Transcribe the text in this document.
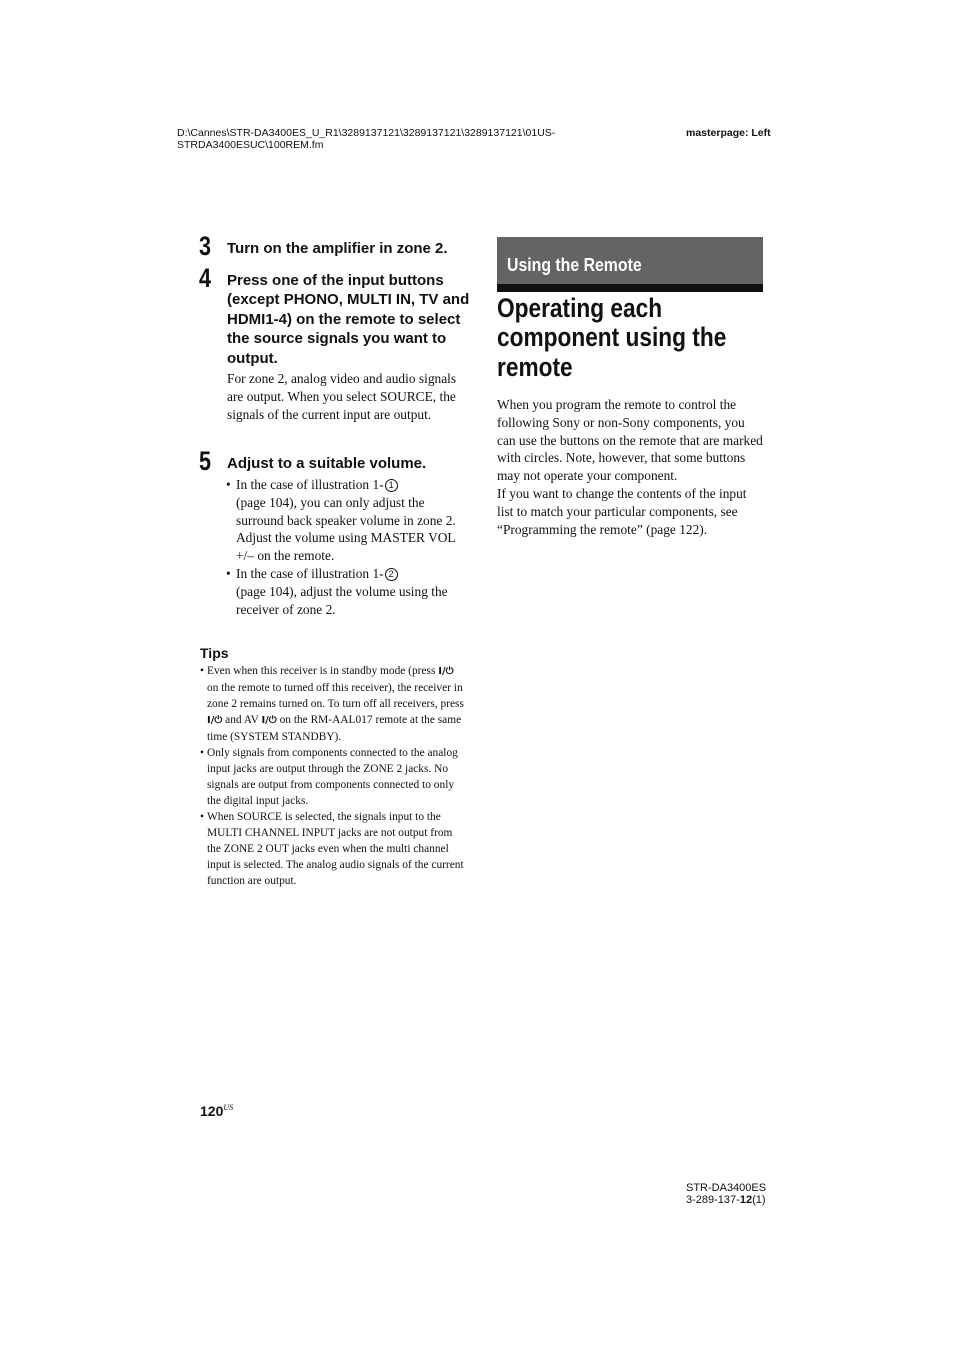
D:\Cannes\STR-DA3400ES_U_R1\3289137121\3289137121\3289137121\01US-
STRDA3400ESUC\100REM.fm
masterpage: Left
3 Turn on the amplifier in zone 2.
4 Press one of the input buttons (except PHONO, MULTI IN, TV and HDMI1-4) on the remote to select the source signals you want to output.
For zone 2, analog video and audio signals are output. When you select SOURCE, the signals of the current input are output.
5 Adjust to a suitable volume.
• In the case of illustration 1- 1
(page 104), you can only adjust the surround back speaker volume in zone 2.
Adjust the volume using MASTER VOL +/– on the remote.
• In the case of illustration 1- 2
(page 104), adjust the volume using the receiver of zone 2.
Tips
• Even when this receiver is in standby mode (press I/⏻ on the remote to turned off this receiver), the receiver in zone 2 remains turned on. To turn off all receivers, press I/⏻ and AV I/⏻ on the RM-AAL017 remote at the same time (SYSTEM STANDBY).
• Only signals from components connected to the analog input jacks are output through the ZONE 2 jacks. No signals are output from components connected to only the digital input jacks.
• When SOURCE is selected, the signals input to the MULTI CHANNEL INPUT jacks are not output from the ZONE 2 OUT jacks even when the multi channel input is selected. The analog audio signals of the current function are output.
Using the Remote
Operating each component using the remote
When you program the remote to control the following Sony or non-Sony components, you can use the buttons on the remote that are marked with circles. Note, however, that some buttons may not operate your component.
If you want to change the contents of the input list to match your particular components, see “Programming the remote” (page 122).
$120^{US}$
STR-DA3400ES
3-289-137-12(1)
